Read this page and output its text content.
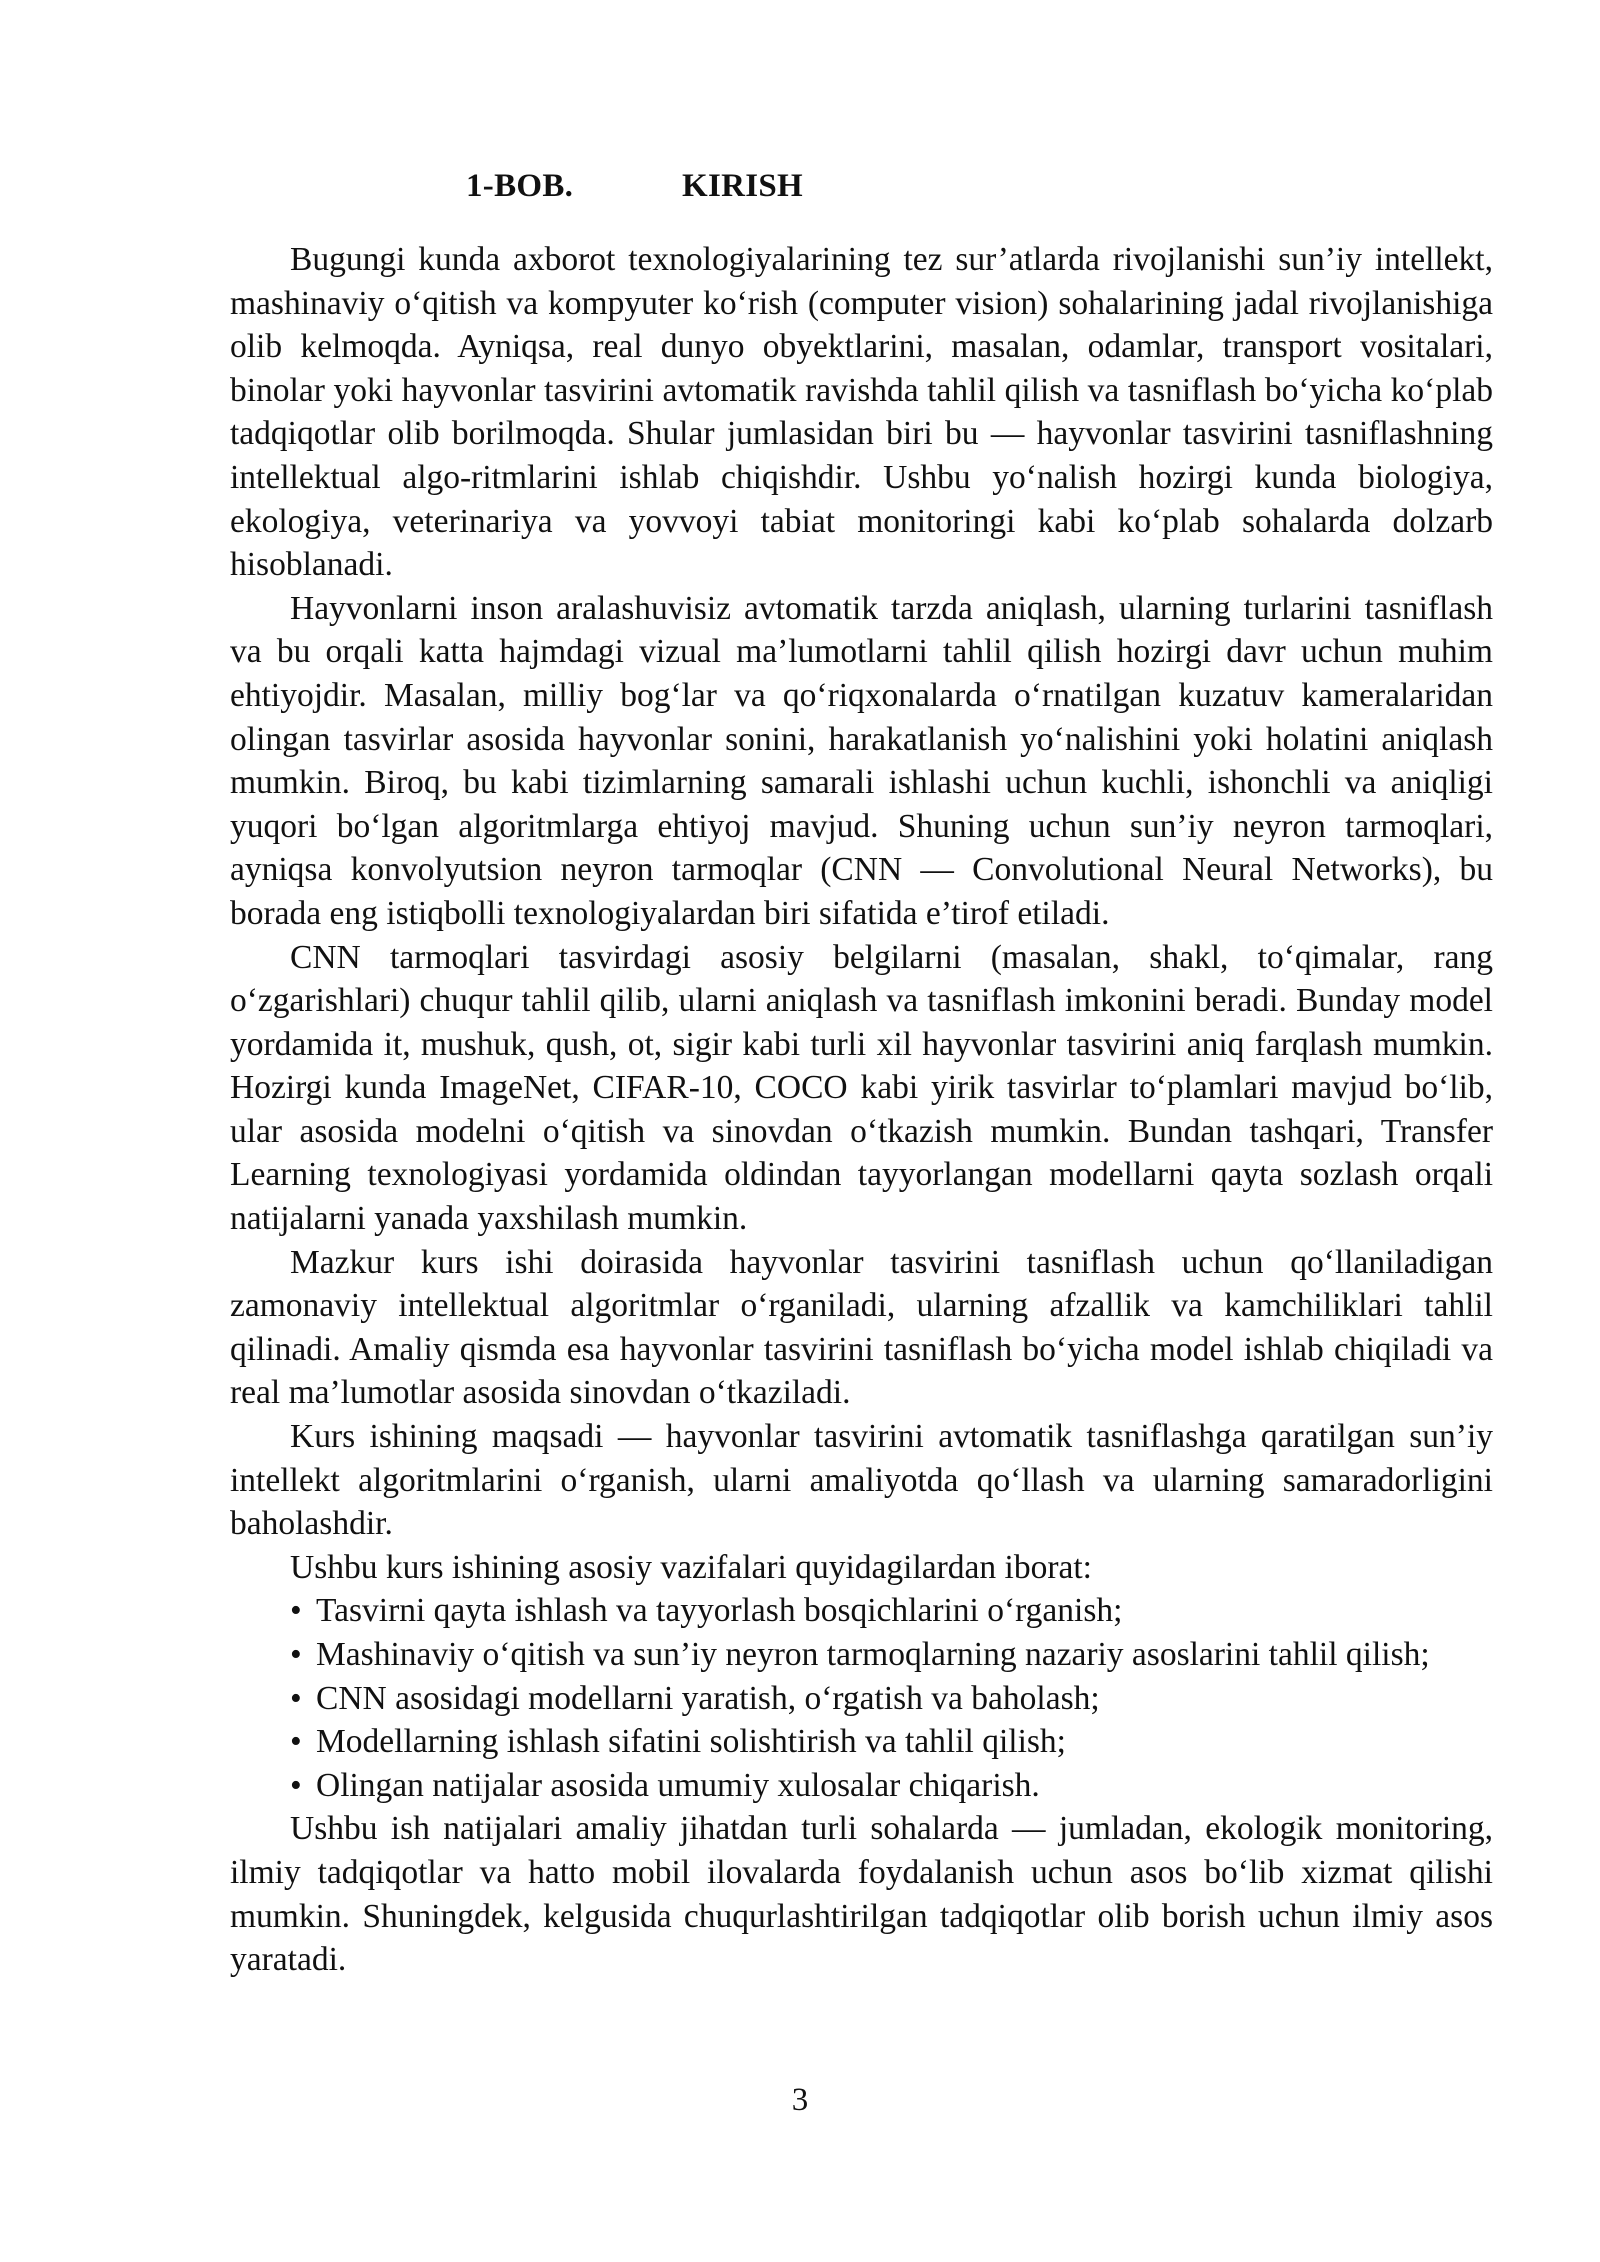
1-BOB.	KIRISH

Bugungi kunda axborot texnologiyalarining tez sur’atlarda rivojlanishi sun’iy intellekt, mashinaviy o‘qitish va kompyuter ko‘rish (computer vision) sohalarining jadal rivojlanishiga olib kelmoqda. Ayniqsa, real dunyo obyektlarini, masalan, odamlar, transport vositalari, binolar yoki hayvonlar tasvirini avtomatik ravishda tahlil qilish va tasniflash bo‘yicha ko‘plab tadqiqotlar olib borilmoqda. Shular jumlasidan biri bu — hayvonlar tasvirini tasniflashning intellektual algo-ritmlarini ishlab chiqishdir. Ushbu yo‘nalish hozirgi kunda biologiya, ekologiya, veterinariya va yovvoyi tabiat monitoringi kabi ko‘plab sohalarda dolzarb hisoblanadi.

Hayvonlarni inson aralashuvisiz avtomatik tarzda aniqlash, ularning turlarini tasniflash va bu orqali katta hajmdagi vizual ma’lumotlarni tahlil qilish hozirgi davr uchun muhim ehtiyojdir. Masalan, milliy bog‘lar va qo‘riqxonalarda o‘rnatilgan kuzatuv kameralaridan olingan tasvirlar asosida hayvonlar sonini, harakatlanish yo‘nalishini yoki holatini aniqlash mumkin. Biroq, bu kabi tizimlarning samarali ishlashi uchun kuchli, ishonchli va aniqligi yuqori bo‘lgan algoritmlarga ehtiyoj mavjud. Shuning uchun sun’iy neyron tarmoqlari, ayniqsa konvolyutsion neyron tarmoqlar (CNN — Convolutional Neural Networks), bu borada eng istiqbolli texnologiyalardan biri sifatida e’tirof etiladi.

CNN tarmoqlari tasvirdagi asosiy belgilarni (masalan, shakl, to‘qimalar, rang o‘zgarishlari) chuqur tahlil qilib, ularni aniqlash va tasniflash imkonini beradi. Bunday model yordamida it, mushuk, qush, ot, sigir kabi turli xil hayvonlar tasvirini aniq farqlash mumkin. Hozirgi kunda ImageNet, CIFAR-10, COCO kabi yirik tasvirlar to‘plamlari mavjud bo‘lib, ular asosida modelni o‘qitish va sinovdan o‘tkazish mumkin. Bundan tashqari, Transfer Learning texnologiyasi yordamida oldindan tayyorlangan modellarni qayta sozlash orqali natijalarni yanada yaxshilash mumkin.

Mazkur kurs ishi doirasida hayvonlar tasvirini tasniflash uchun qo‘llaniladigan zamonaviy intellektual algoritmlar o‘rganiladi, ularning afzallik va kamchiliklari tahlil qilinadi. Amaliy qismda esa hayvonlar tasvirini tasniflash bo‘yicha model ishlab chiqiladi va real ma’lumotlar asosida sinovdan o‘tkaziladi.

Kurs ishining maqsadi — hayvonlar tasvirini avtomatik tasniflashga qaratilgan sun’iy intellekt algoritmlarini o‘rganish, ularni amaliyotda qo‘llash va ularning samaradorligini baholashdir.

Ushbu kurs ishining asosiy vazifalari quyidagilardan iborat:

• Tasvirni qayta ishlash va tayyorlash bosqichlarini o‘rganish;

• Mashinaviy o‘qitish va sun’iy neyron tarmoqlarning nazariy asoslarini tahlil qilish;

• CNN asosidagi modellarni yaratish, o‘rgatish va baholash;

• Modellarning ishlash sifatini solishtirish va tahlil qilish;

• Olingan natijalar asosida umumiy xulosalar chiqarish.

Ushbu ish natijalari amaliy jihatdan turli sohalarda — jumladan, ekologik monitoring, ilmiy tadqiqotlar va hatto mobil ilovalarda foydalanish uchun asos bo‘lib xizmat qilishi mumkin. Shuningdek, kelgusida chuqurlashtirilgan tadqiqotlar olib borish uchun ilmiy asos yaratadi.

3
